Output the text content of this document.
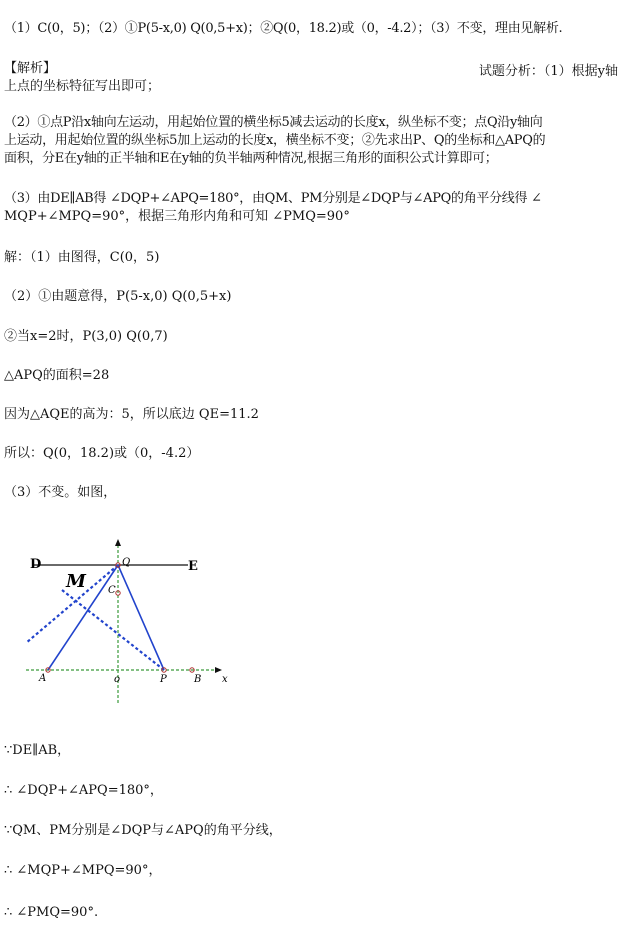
（1）C(0，5)；（2）①P(5-x,0) Q(0,5+x)；②Q(0，18.2)或（0，-4.2）；（3）不变，理由见解析.
【解析】	试题分析：（1）根据y轴
上点的坐标特征写出即可；
（2）①点P沿x轴向左运动，用起始位置的横坐标5减去运动的长度x，纵坐标不变；点Q沿y轴向
上运动，用起始位置的纵坐标5加上运动的长度x，横坐标不变；②先求出P、Q的坐标和△APQ的
面积，分E在y轴的正半轴和E在y轴的负半轴两种情况,根据三角形的面积公式计算即可；
（3）由DE∥AB得 ∠DQP+∠APQ=180°，由QM、PM分别是∠DQP与∠APQ的角平分线得 ∠
MQP+∠MPQ=90°，根据三角形内角和可知 ∠PMQ=90°
解：（1）由图得，C(0，5)
（2）①由题意得，P(5-x,0) Q(0,5+x)
②当x=2时，P(3,0) Q(0,7)
△APQ的面积=28
因为△AQE的高为：5，所以底边 QE=11.2
所以：Q(0，18.2)或（0，-4.2）
（3）不变。如图，
D	E
M
Q
C
A	o	P	B x
∵DE∥AB，
∴ ∠DQP+∠APQ=180°，
∵QM、PM分别是∠DQP与∠APQ的角平分线，
∴ ∠MQP+∠MPQ=90°，
∴ ∠PMQ=90°.
